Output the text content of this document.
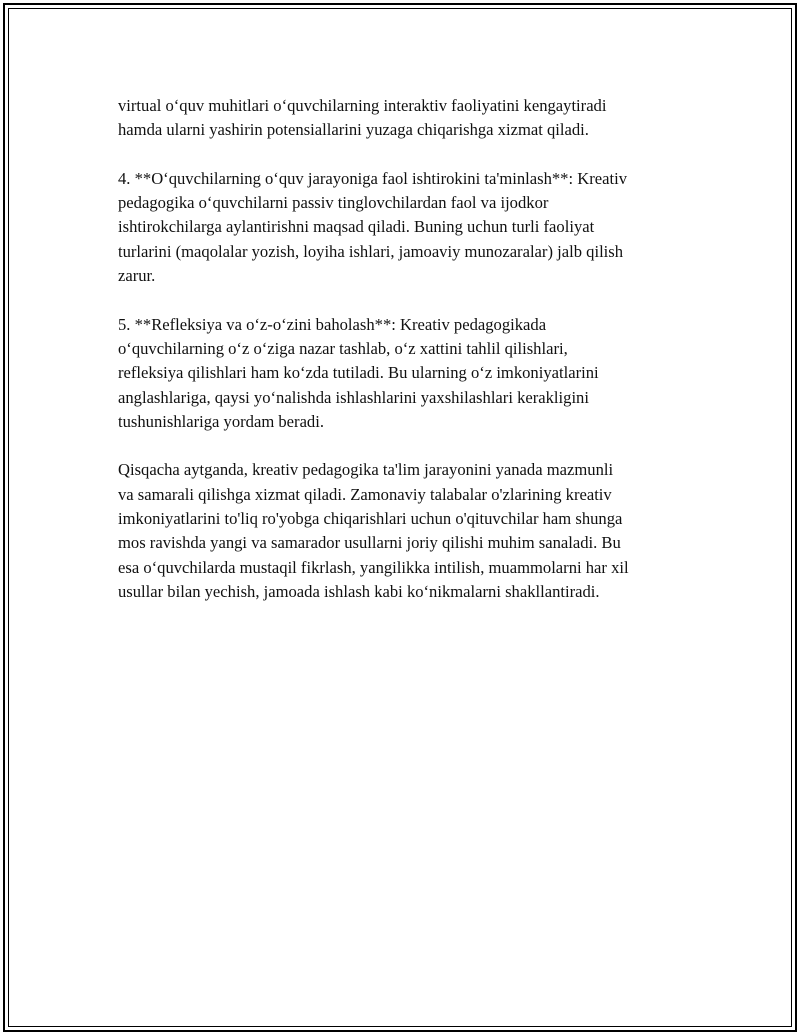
virtual o‘quv muhitlari o‘quvchilarning interaktiv faoliyatini kengaytiradi
hamda ularni yashirin potensiallarini yuzaga chiqarishga xizmat qiladi.

4. **O‘quvchilarning o‘quv jarayoniga faol ishtirokini ta'minlash**: Kreativ
pedagogika o‘quvchilarni passiv tinglovchilardan faol va ijodkor
ishtirokchilarga aylantirishni maqsad qiladi. Buning uchun turli faoliyat
turlarini (maqolalar yozish, loyiha ishlari, jamoaviy munozaralar) jalb qilish
zarur.

5. **Refleksiya va o‘z-o‘zini baholash**: Kreativ pedagogikada
o‘quvchilarning o‘z o‘ziga nazar tashlab, o‘z xattini tahlil qilishlari,
refleksiya qilishlari ham ko‘zda tutiladi. Bu ularning o‘z imkoniyatlarini
anglashlariga, qaysi yo‘nalishda ishlashlarini yaxshilashlari kerakligini
tushunishlariga yordam beradi.

Qisqacha aytganda, kreativ pedagogika ta'lim jarayonini yanada mazmunli
va samarali qilishga xizmat qiladi. Zamonaviy talabalar o'zlarining kreativ
imkoniyatlarini to'liq ro'yobga chiqarishlari uchun o'qituvchilar ham shunga
mos ravishda yangi va samarador usullarni joriy qilishi muhim sanaladi. Bu
esa o‘quvchilarda mustaqil fikrlash, yangilikka intilish, muammolarni har xil
usullar bilan yechish, jamoada ishlash kabi ko‘nikmalarni shakllantiradi.
